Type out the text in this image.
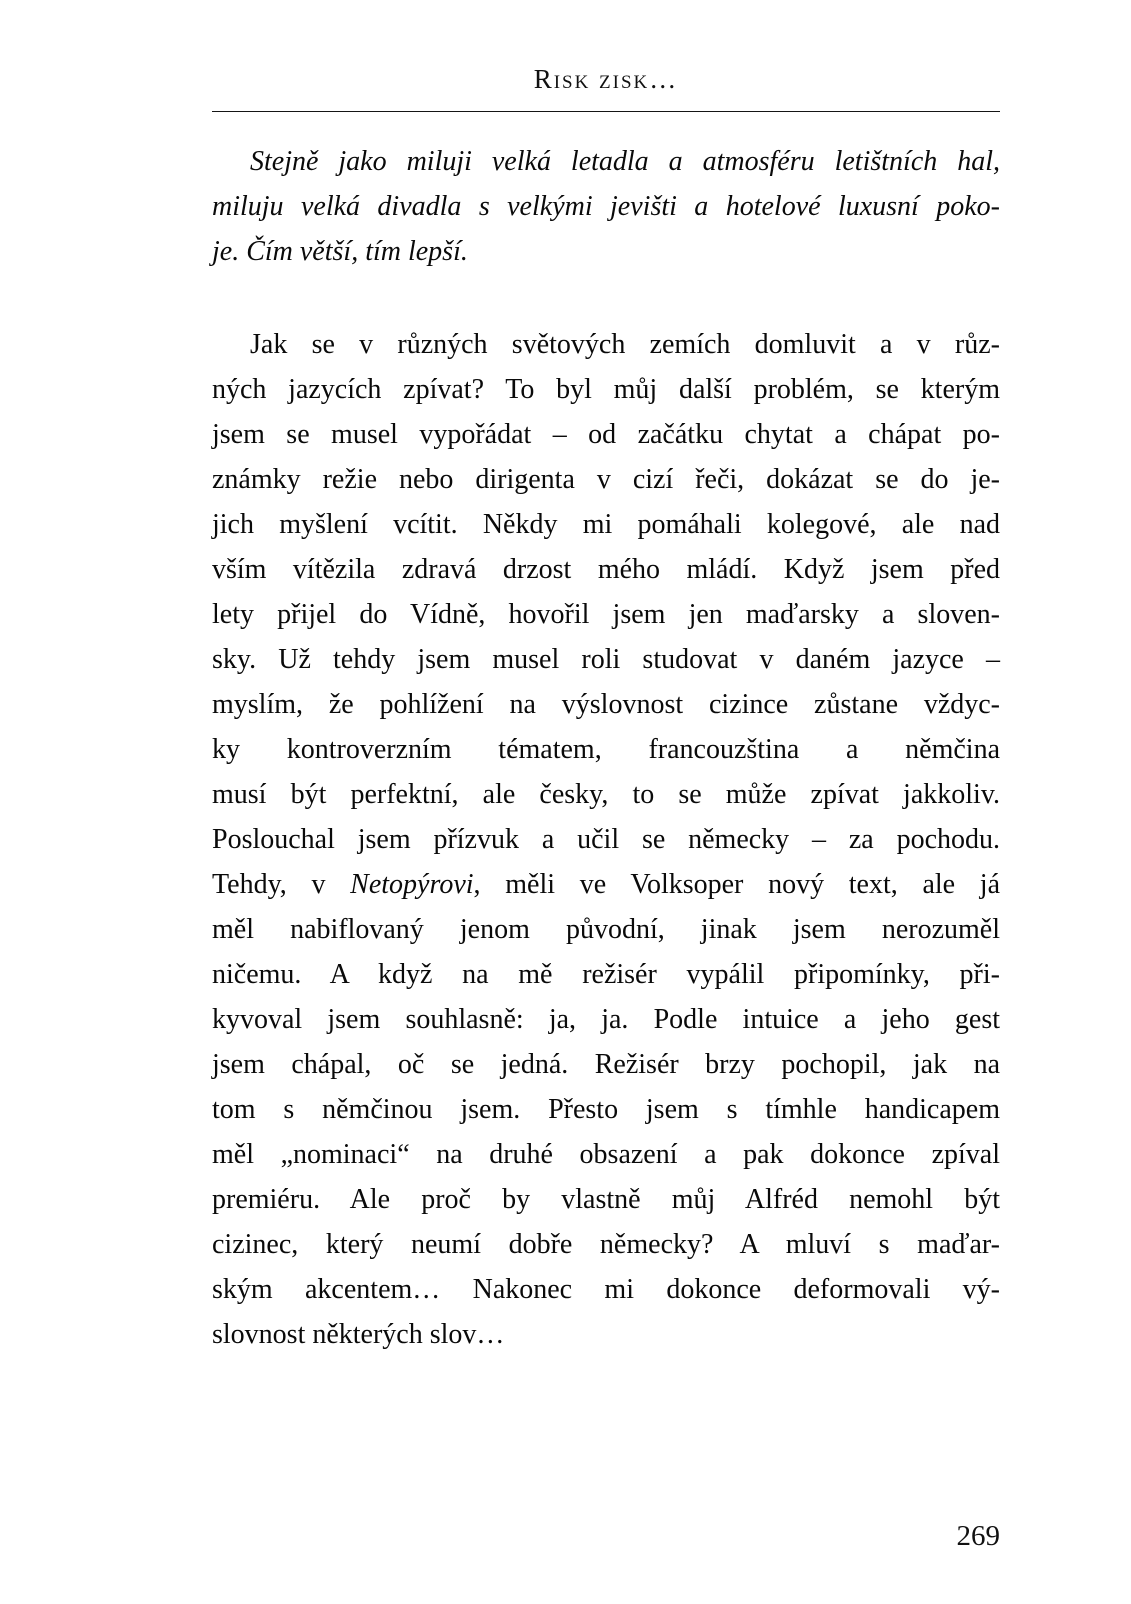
Risk zisk…
Stejně jako miluji velká letadla a atmosféru letištních hal,
miluju velká divadla s velkými jevišti a hotelové luxusní poko-
je. Čím větší, tím lepší.
Jak se v různých světových zemích domluvit a v růz-
ných jazycích zpívat? To byl můj další problém, se kterým
jsem se musel vypořádat – od začátku chytat a chápat po-
známky režie nebo dirigenta v cizí řeči, dokázat se do je-
jich myšlení vcítit. Někdy mi pomáhali kolegové, ale nad
vším vítězila zdravá drzost mého mládí. Když jsem před
lety přijel do Vídně, hovořil jsem jen maďarsky a sloven-
sky. Už tehdy jsem musel roli studovat v daném jazyce –
myslím, že pohlížení na výslovnost cizince zůstane vždyc-
ky kontroverzním tématem, francouzština a němčina
musí být perfektní, ale česky, to se může zpívat jakkoliv.
Poslouchal jsem přízvuk a učil se německy – za pochodu.
Tehdy, v Netopýrovi, měli ve Volksoper nový text, ale já
měl nabiflovaný jenom původní, jinak jsem nerozuměl
ničemu. A když na mě režisér vypálil připomínky, při-
kyvoval jsem souhlasně: ja, ja. Podle intuice a jeho gest
jsem chápal, oč se jedná. Režisér brzy pochopil, jak na
tom s němčinou jsem. Přesto jsem s tímhle handicapem
měl „nominaci“ na druhé obsazení a pak dokonce zpíval
premiéru. Ale proč by vlastně můj Alfréd nemohl být
cizinec, který neumí dobře německy? A mluví s maďar-
ským akcentem… Nakonec mi dokonce deformovali vý-
slovnost některých slov…
269
